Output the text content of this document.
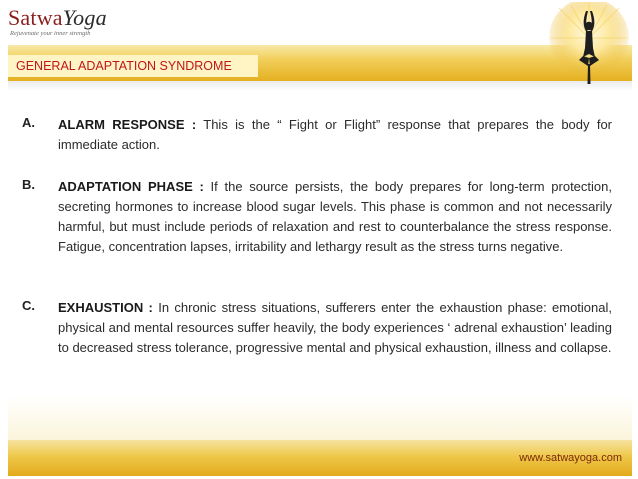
SatwaYoga
Rejuvenate your inner strength
GENERAL ADAPTATION SYNDROME
A. ALARM RESPONSE : This is the “ Fight or Flight” response that prepares the body for immediate action.
B. ADAPTATION PHASE : If the source persists, the body prepares for long-term protection, secreting hormones to increase blood sugar levels. This phase is common and not necessarily harmful, but must include periods of relaxation and rest to counterbalance the stress response. Fatigue, concentration lapses, irritability and lethargy result as the stress turns negative.
C. EXHAUSTION : In chronic stress situations, sufferers enter the exhaustion phase: emotional, physical and mental resources suffer heavily, the body experiences ‘ adrenal exhaustion’ leading to decreased stress tolerance, progressive mental and physical exhaustion, illness and collapse.
www.satwayoga.com
